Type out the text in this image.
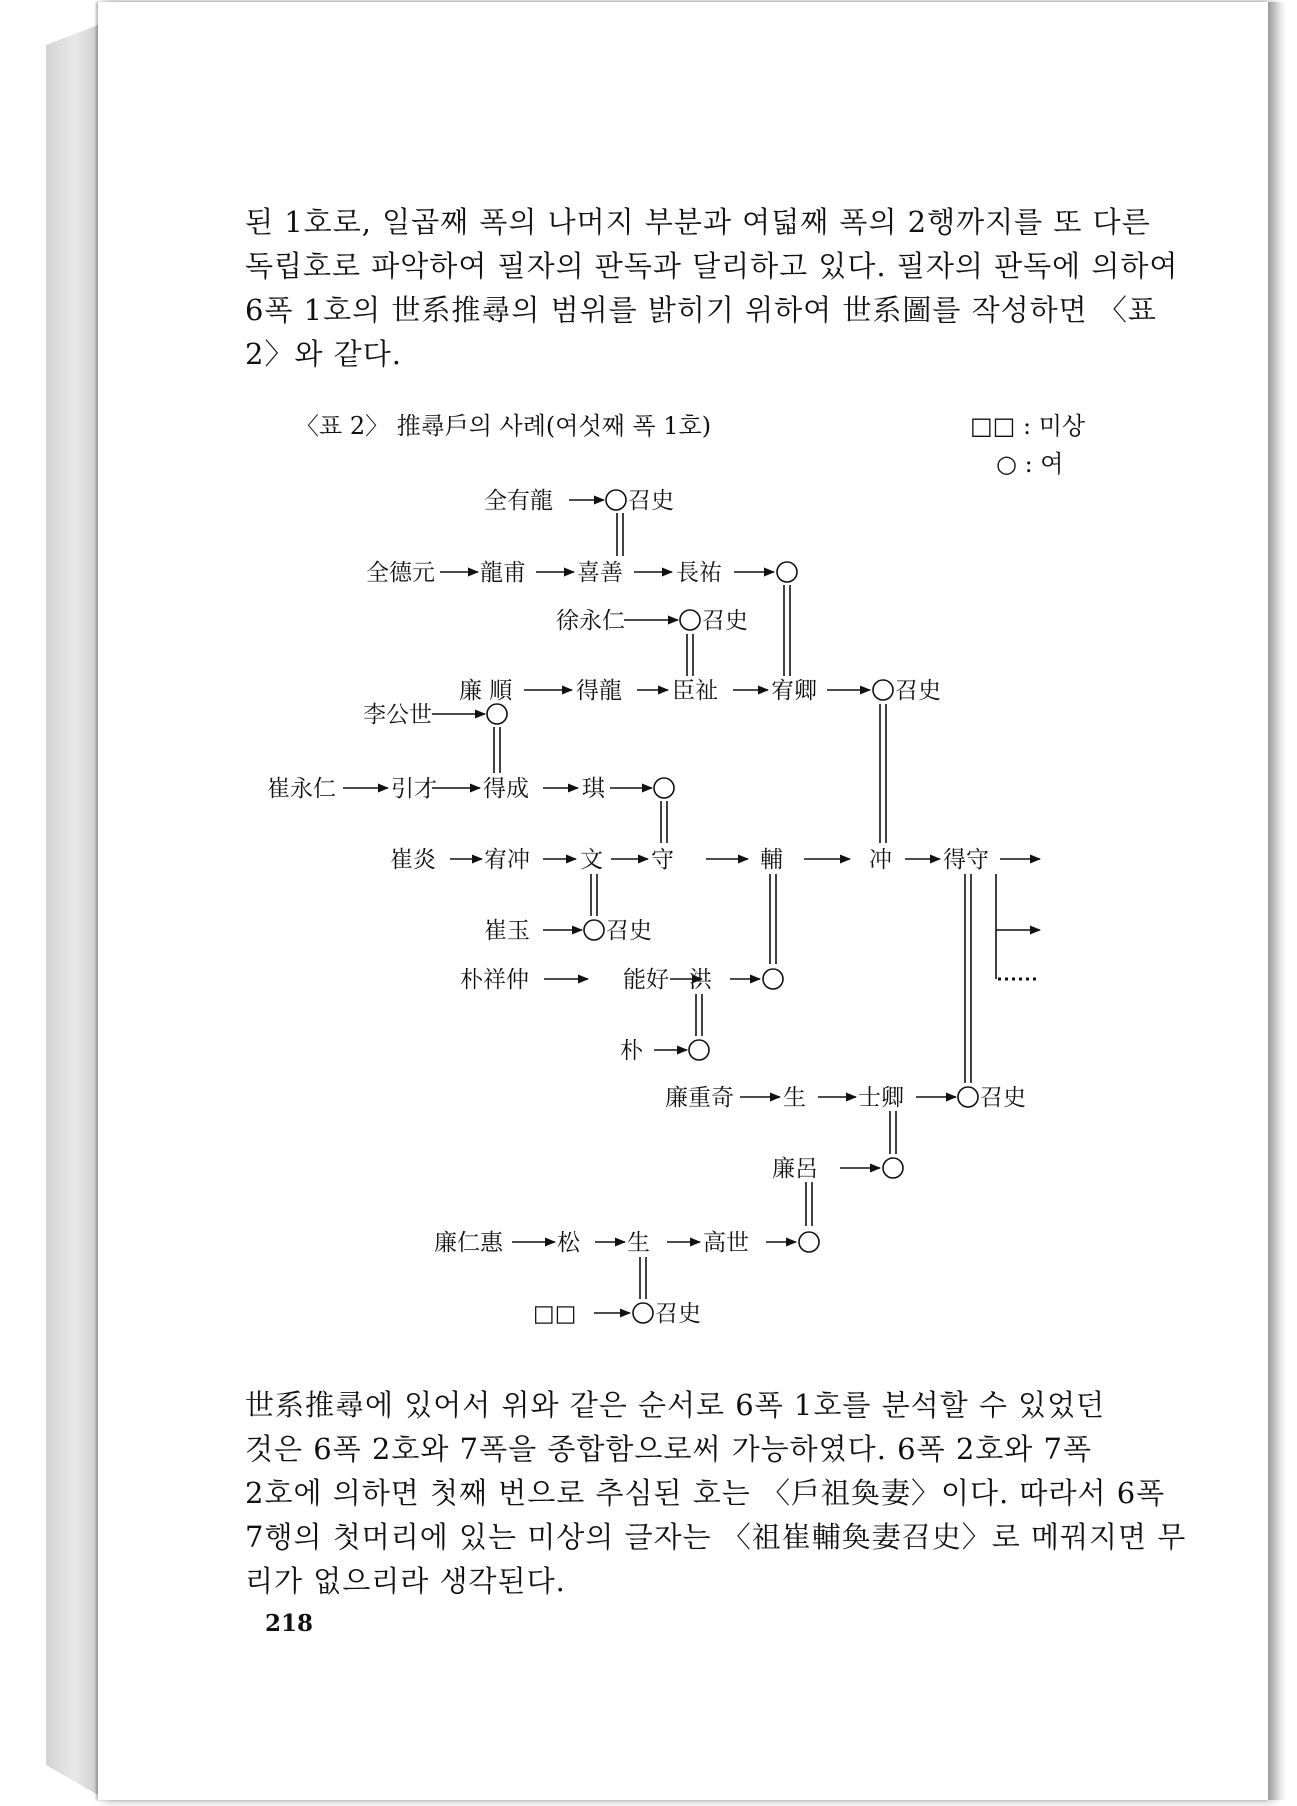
된 1호로, 일곱째 폭의 나머지 부분과 여덟째 폭의 2행까지를 또 다른
독립호로 파악하여 필자의 판독과 달리하고 있다. 필자의 판독에 의하여
6폭 1호의 世系推尋의 범위를 밝히기 위하여 世系圖를 작성하면 〈표
2〉와 같다.
〈표 2〉 推尋戶의 사례(여섯째 폭 1호)	□□ : 미상
○ : 여
全有龍
全德元 龍甫 喜善 長祐
徐永仁
廉 順	得龍 臣祉 宥卿
李公世
崔永仁 引才 得成 琪
崔炎 宥冲 文 守	輔	冲 得守
崔玉
朴祥仲	能好 洪
朴
廉重奇 生 士卿
廉呂
廉仁惠 松 生 高世
□□
召史
召史
召史
召史
召史
召史
世系推尋에 있어서 위와 같은 순서로 6폭 1호를 분석할 수 있었던
것은 6폭 2호와 7폭을 종합함으로써 가능하였다. 6폭 2호와 7폭
2호에 의하면 첫째 번으로 추심된 호는 〈戶祖奐妻〉이다. 따라서 6폭
7행의 첫머리에 있는 미상의 글자는 〈祖崔輔奐妻召史〉로 메꿔지면 무
리가 없으리라 생각된다.
218
